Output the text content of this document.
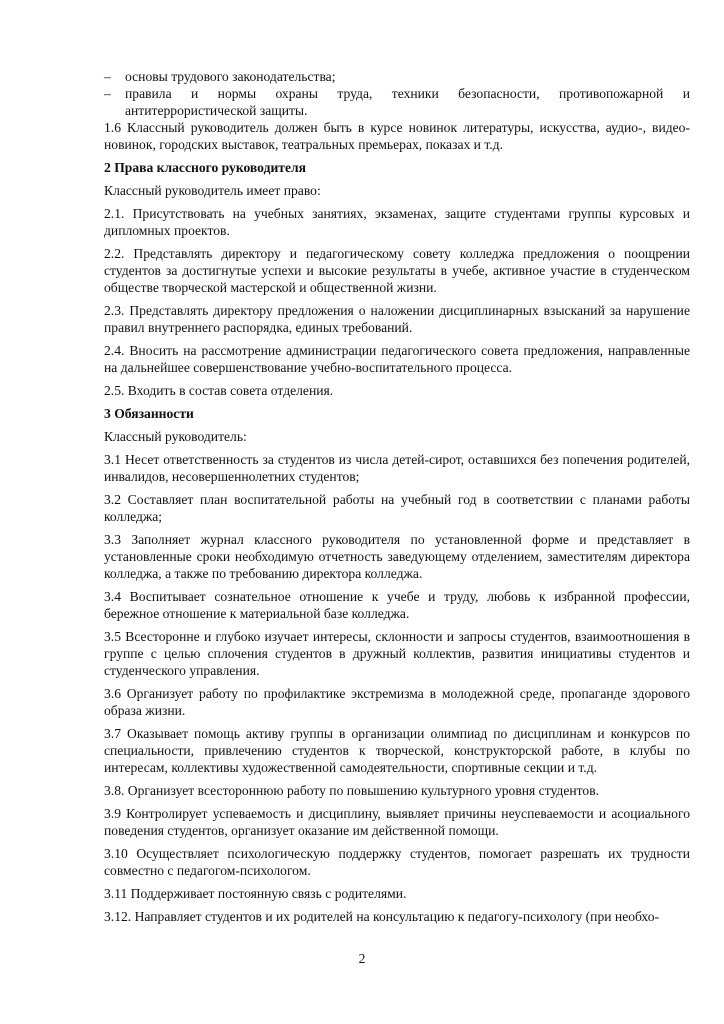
– основы трудового законодательства;
– правила и нормы охраны труда, техники безопасности, противопожарной и антитеррористической защиты.

1.6 Классный руководитель должен быть в курсе новинок литературы, искусства, аудио-, видео- новинок, городских выставок, театральных премьерах, показах и т.д.

2 Права классного руководителя

Классный руководитель имеет право:

2.1. Присутствовать на учебных занятиях, экзаменах, защите студентами группы курсовых и дипломных проектов.

2.2. Представлять директору и педагогическому совету колледжа предложения о поощрении студентов за достигнутые успехи и высокие результаты в учебе, активное участие в студенческом обществе творческой мастерской и общественной жизни.

2.3. Представлять директору предложения о наложении дисциплинарных взысканий за нарушение правил внутреннего распорядка, единых требований.

2.4. Вносить на рассмотрение администрации педагогического совета предложения, направленные на дальнейшее совершенствование учебно-воспитательного процесса.

2.5. Входить в состав совета отделения.

3 Обязанности

Классный руководитель:

3.1 Несет ответственность за студентов из числа детей-сирот, оставшихся без попечения родителей, инвалидов, несовершеннолетних студентов;

3.2 Составляет план воспитательной работы на учебный год в соответствии с планами работы колледжа;

3.3 Заполняет журнал классного руководителя по установленной форме и представляет в установленные сроки необходимую отчетность заведующему отделением, заместителям директора колледжа, а также по требованию директора колледжа.

3.4 Воспитывает сознательное отношение к учебе и труду, любовь к избранной профессии, бережное отношение к материальной базе колледжа.

3.5 Всесторонне и глубоко изучает интересы, склонности и запросы студентов, взаимоотношения в группе с целью сплочения студентов в дружный коллектив, развития инициативы студентов и студенческого управления.

3.6 Организует работу по профилактике экстремизма в молодежной среде, пропаганде здорового образа жизни.

3.7 Оказывает помощь активу группы в организации олимпиад по дисциплинам и конкурсов по специальности, привлечению студентов к творческой, конструкторской работе, в клубы по интересам, коллективы художественной самодеятельности, спортивные секции и т.д.

3.8. Организует всестороннюю работу по повышению культурного уровня студентов.

3.9 Контролирует успеваемость и дисциплину, выявляет причины неуспеваемости и асоциального поведения студентов, организует оказание им действенной помощи.

3.10 Осуществляет психологическую поддержку студентов, помогает разрешать их трудности совместно с педагогом-психологом.

3.11 Поддерживает постоянную связь с родителями.

3.12. Направляет студентов и их родителей на консультацию к педагогу-психологу (при необхо-

2
